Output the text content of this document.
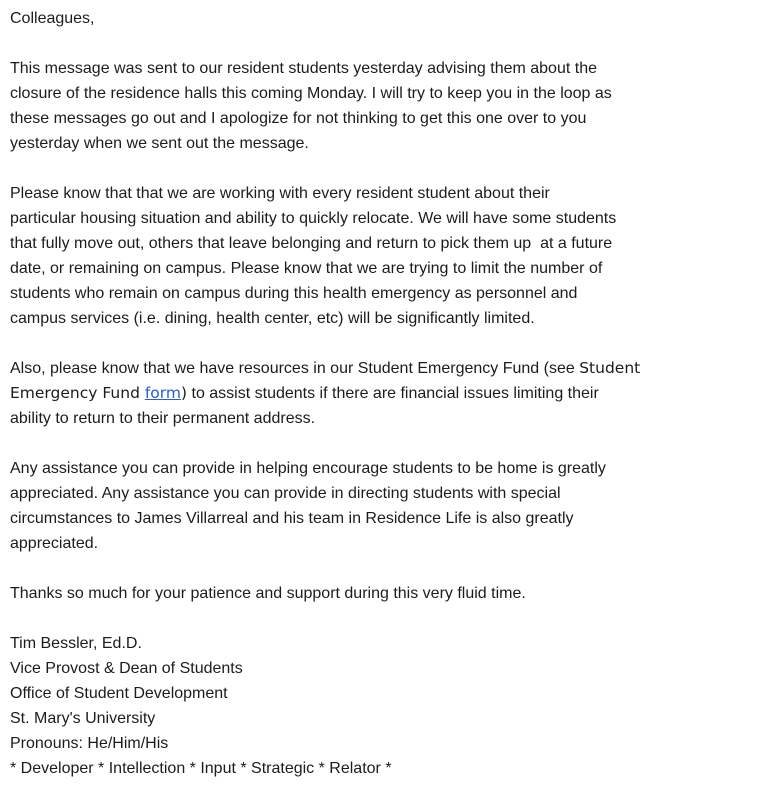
Colleagues,
This message was sent to our resident students yesterday advising them about the
closure of the residence halls this coming Monday. I will try to keep you in the loop as
these messages go out and I apologize for not thinking to get this one over to you
yesterday when we sent out the message.
Please know that that we are working with every resident student about their
particular housing situation and ability to quickly relocate. We will have some students
that fully move out, others that leave belonging and return to pick them up  at a future
date, or remaining on campus. Please know that we are trying to limit the number of
students who remain on campus during this health emergency as personnel and
campus services (i.e. dining, health center, etc) will be significantly limited.
Also, please know that we have resources in our Student Emergency Fund (see Student
Emergency Fund form) to assist students if there are financial issues limiting their
ability to return to their permanent address.
Any assistance you can provide in helping encourage students to be home is greatly
appreciated. Any assistance you can provide in directing students with special
circumstances to James Villarreal and his team in Residence Life is also greatly
appreciated.
Thanks so much for your patience and support during this very fluid time.
Tim Bessler, Ed.D.
Vice Provost & Dean of Students
Office of Student Development
St. Mary's University
Pronouns: He/Him/His
* Developer * Intellection * Input * Strategic * Relator *
